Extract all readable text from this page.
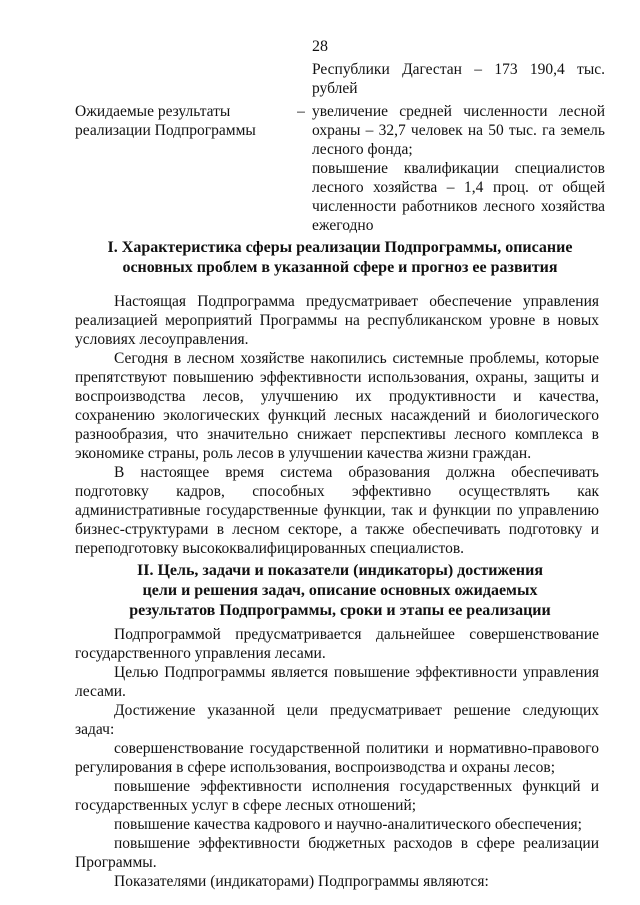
28
Республики Дагестан – 173 190,4 тыс. рублей
Ожидаемые результаты реализации Подпрограммы
– увеличение средней численности лесной охраны – 32,7 человек на 50 тыс. га земель лесного фонда;
повышение квалификации специалистов лесного хозяйства – 1,4 проц. от общей численности работников лесного хозяйства ежегодно
I. Характеристика сферы реализации Подпрограммы, описание
основных проблем в указанной сфере и прогноз ее развития

Настоящая Подпрограмма предусматривает обеспечение управления реализацией мероприятий Программы на республиканском уровне в новых условиях лесоуправления.

Сегодня в лесном хозяйстве накопились системные проблемы, которые препятствуют повышению эффективности использования, охраны, защиты и воспроизводства лесов, улучшению их продуктивности и качества, сохранению экологических функций лесных насаждений и биологического разнообразия, что значительно снижает перспективы лесного комплекса в экономике страны, роль лесов в улучшении качества жизни граждан.

В настоящее время система образования должна обеспечивать подготовку кадров, способных эффективно осуществлять как административные государственные функции, так и функции по управлению бизнес-структурами в лесном секторе, а также обеспечивать подготовку и переподготовку высококвалифицированных специалистов.

II. Цель, задачи и показатели (индикаторы) достижения
цели и решения задач, описание основных ожидаемых
результатов Подпрограммы, сроки и этапы ее реализации

Подпрограммой предусматривается дальнейшее совершенствование государственного управления лесами.

Целью Подпрограммы является повышение эффективности управления лесами.

Достижение указанной цели предусматривает решение следующих задач:

совершенствование государственной политики и нормативно-правового регулирования в сфере использования, воспроизводства и охраны лесов;

повышение эффективности исполнения государственных функций и государственных услуг в сфере лесных отношений;

повышение качества кадрового и научно-аналитического обеспечения;

повышение эффективности бюджетных расходов в сфере реализации Программы.

Показателями (индикаторами) Подпрограммы являются:
